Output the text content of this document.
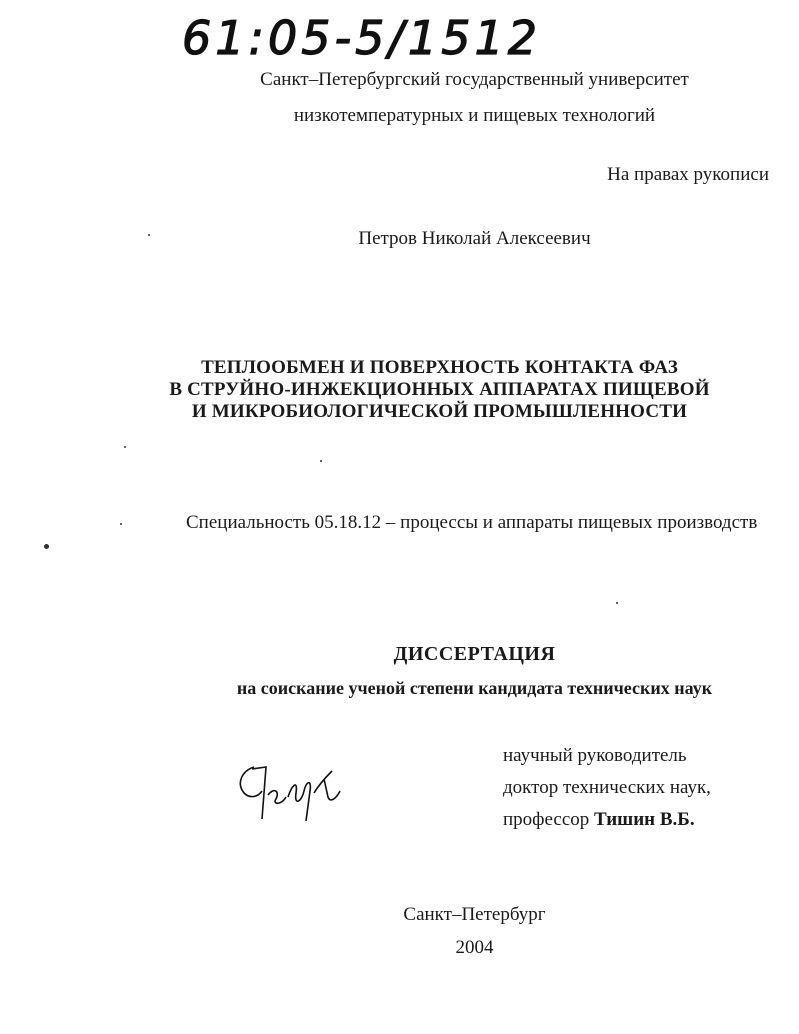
61:05-5/1512
Санкт–Петербургский государственный университет
низкотемпературных и пищевых технологий
На правах рукописи
Петров Николай Алексеевич
ТЕПЛООБМЕН И ПОВЕРХНОСТЬ КОНТАКТА ФАЗ
В СТРУЙНО-ИНЖЕКЦИОННЫХ АППАРАТАХ ПИЩЕВОЙ
И МИКРОБИОЛОГИЧЕСКОЙ ПРОМЫШЛЕННОСТИ
Специальность 05.18.12 – процессы и аппараты пищевых производств
ДИССЕРТАЦИЯ
на соискание ученой степени кандидата технических наук
научный руководитель
доктор технических наук,
профессор Тишин В.Б.
Санкт–Петербург
2004
